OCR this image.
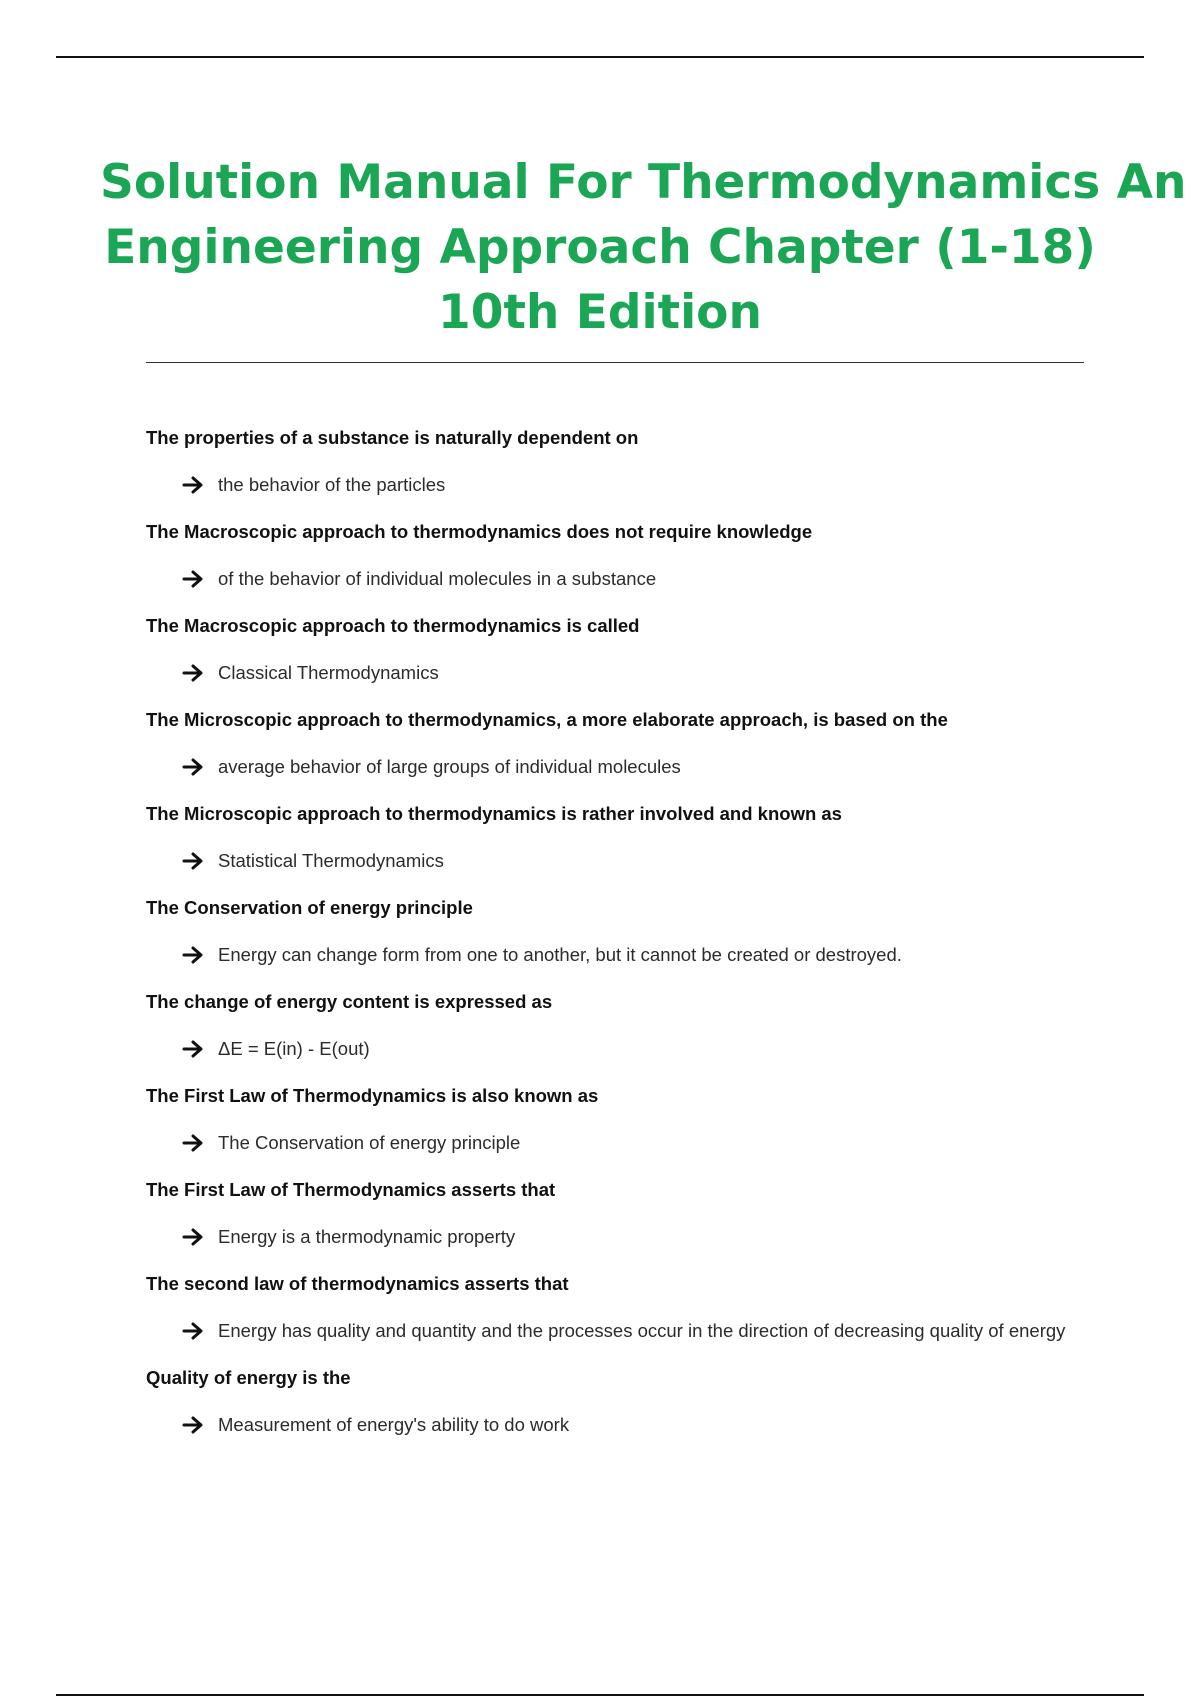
Solution Manual For Thermodynamics An
Engineering Approach Chapter (1-18)
10th Edition

The properties of a substance is naturally dependent on

the behavior of the particles

The Macroscopic approach to thermodynamics does not require knowledge

of the behavior of individual molecules in a substance

The Macroscopic approach to thermodynamics is called

Classical Thermodynamics

The Microscopic approach to thermodynamics, a more elaborate approach, is based on the

average behavior of large groups of individual molecules

The Microscopic approach to thermodynamics is rather involved and known as

Statistical Thermodynamics

The Conservation of energy principle

Energy can change form from one to another, but it cannot be created or destroyed.

The change of energy content is expressed as

ΔE = E(in) - E(out)

The First Law of Thermodynamics is also known as

The Conservation of energy principle

The First Law of Thermodynamics asserts that

Energy is a thermodynamic property

The second law of thermodynamics asserts that

Energy has quality and quantity and the processes occur in the direction of decreasing quality of energy

Quality of energy is the

Measurement of energy's ability to do work
